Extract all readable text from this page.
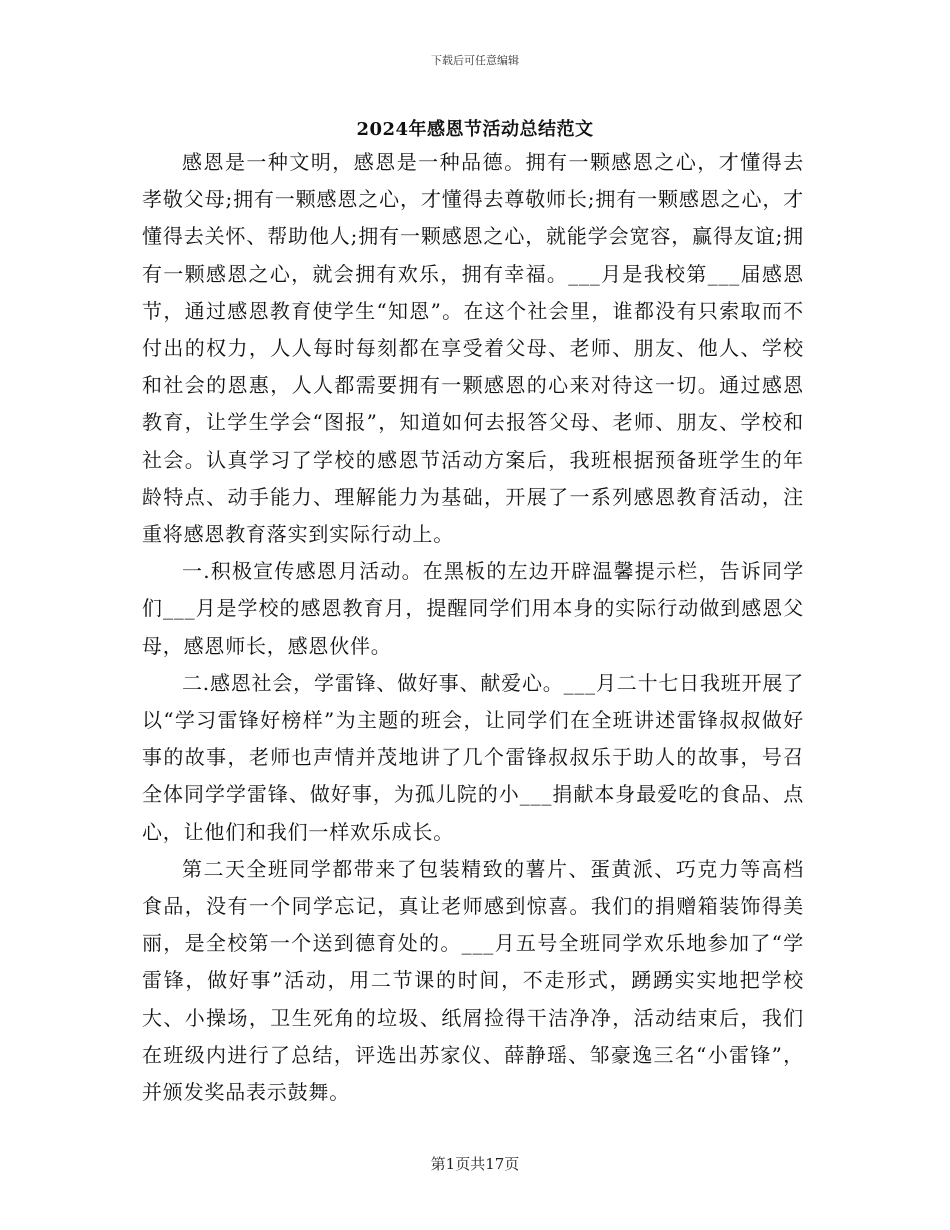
下载后可任意编辑
2024年感恩节活动总结范文

感恩是一种文明，感恩是一种品德。拥有一颗感恩之心，才懂得去孝敬父母;拥有一颗感恩之心，才懂得去尊敬师长;拥有一颗感恩之心，才懂得去关怀、帮助他人;拥有一颗感恩之心，就能学会宽容，赢得友谊;拥有一颗感恩之心，就会拥有欢乐，拥有幸福。___月是我校第___届感恩节，通过感恩教育使学生“知恩”。在这个社会里，谁都没有只索取而不付出的权力，人人每时每刻都在享受着父母、老师、朋友、他人、学校和社会的恩惠，人人都需要拥有一颗感恩的心来对待这一切。通过感恩教育，让学生学会“图报”，知道如何去报答父母、老师、朋友、学校和社会。认真学习了学校的感恩节活动方案后，我班根据预备班学生的年龄特点、动手能力、理解能力为基础，开展了一系列感恩教育活动，注重将感恩教育落实到实际行动上。

一.积极宣传感恩月活动。在黑板的左边开辟温馨提示栏，告诉同学们___月是学校的感恩教育月，提醒同学们用本身的实际行动做到感恩父母，感恩师长，感恩伙伴。

二.感恩社会，学雷锋、做好事、献爱心。___月二十七日我班开展了以“学习雷锋好榜样”为主题的班会，让同学们在全班讲述雷锋叔叔做好事的故事，老师也声情并茂地讲了几个雷锋叔叔乐于助人的故事，号召全体同学学雷锋、做好事，为孤儿院的小___捐献本身最爱吃的食品、点心，让他们和我们一样欢乐成长。

第二天全班同学都带来了包装精致的薯片、蛋黄派、巧克力等高档食品，没有一个同学忘记，真让老师感到惊喜。我们的捐赠箱装饰得美丽，是全校第一个送到德育处的。___月五号全班同学欢乐地参加了“学雷锋，做好事”活动，用二节课的时间，不走形式，踴踴实实地把学校大、小操场，卫生死角的垃圾、纸屑捡得干洁净净，活动结束后，我们在班级内进行了总结，评选出苏家仪、薛静瑶、邹豪逸三名“小雷锋”，并颁发奖品表示鼓舞。

第1页共17页
